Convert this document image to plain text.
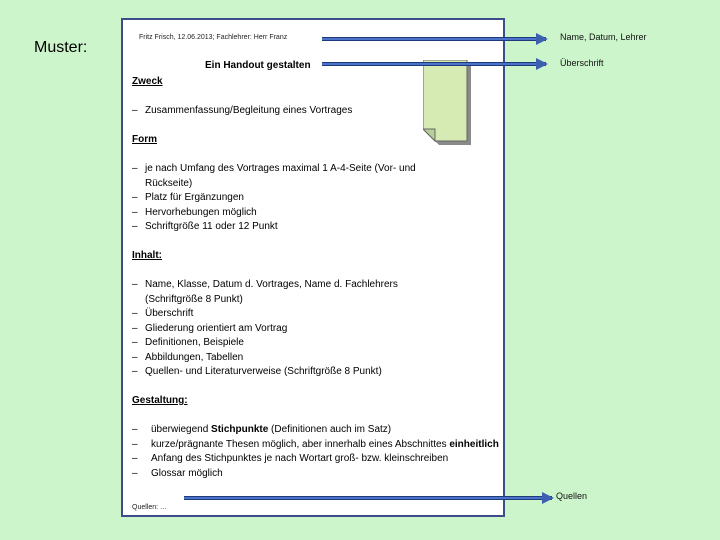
Muster:
Fritz Frisch, 12.06.2013; Fachlehrer: Herr Franz
Ein Handout gestalten
Zweck
– Zusammenfassung/Begleitung eines Vortrages
Form
– je nach Umfang des Vortrages maximal 1 A-4-Seite (Vor- und Rückseite)
– Platz für Ergänzungen
– Hervorhebungen möglich
– Schriftgröße 11 oder 12 Punkt
Inhalt:
– Name, Klasse, Datum d. Vortrages, Name d. Fachlehrers (Schriftgröße 8 Punkt)
– Überschrift
– Gliederung orientiert am Vortrag
– Definitionen, Beispiele
– Abbildungen, Tabellen
– Quellen- und Literaturverweise (Schriftgröße 8 Punkt)
Gestaltung:
– überwiegend Stichpunkte (Definitionen auch im Satz)
– kurze/prägnante Thesen möglich, aber innerhalb eines Abschnittes einheitlich
– Anfang des Stichpunktes je nach Wortart groß- bzw. kleinschreiben
– Glossar möglich
Quellen: …
Name, Datum, Lehrer
Überschrift
Quellen
